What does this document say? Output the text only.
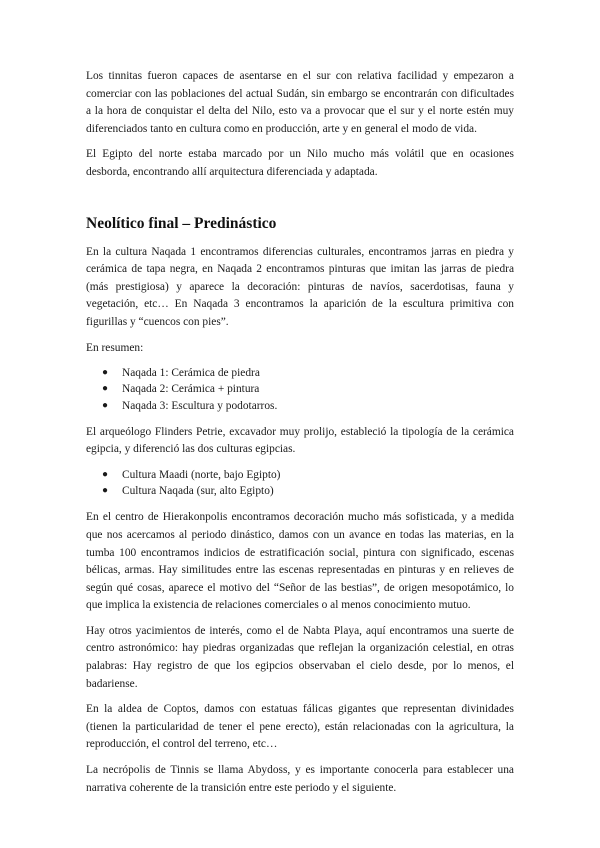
Los tinnitas fueron capaces de asentarse en el sur con relativa facilidad y empezaron a comerciar con las poblaciones del actual Sudán, sin embargo se encontrarán con dificultades a la hora de conquistar el delta del Nilo, esto va a provocar que el sur y el norte estén muy diferenciados tanto en cultura como en producción, arte y en general el modo de vida.

El Egipto del norte estaba marcado por un Nilo mucho más volátil que en ocasiones desborda, encontrando allí arquitectura diferenciada y adaptada.

Neolítico final – Predinástico

En la cultura Naqada 1 encontramos diferencias culturales, encontramos jarras en piedra y cerámica de tapa negra, en Naqada 2 encontramos pinturas que imitan las jarras de piedra (más prestigiosa) y aparece la decoración: pinturas de navíos, sacerdotisas, fauna y vegetación, etc… En Naqada 3 encontramos la aparición de la escultura primitiva con figurillas y “cuencos con pies”.

En resumen:

● Naqada 1: Cerámica de piedra
● Naqada 2: Cerámica + pintura
● Naqada 3: Escultura y podotarros.

El arqueólogo Flinders Petrie, excavador muy prolijo, estableció la tipología de la cerámica egipcia, y diferenció las dos culturas egipcias.

● Cultura Maadi (norte, bajo Egipto)
● Cultura Naqada (sur, alto Egipto)

En el centro de Hierakonpolis encontramos decoración mucho más sofisticada, y a medida que nos acercamos al periodo dinástico, damos con un avance en todas las materias, en la tumba 100 encontramos indicios de estratificación social, pintura con significado, escenas bélicas, armas. Hay similitudes entre las escenas representadas en pinturas y en relieves de según qué cosas, aparece el motivo del “Señor de las bestias”, de origen mesopotámico, lo que implica la existencia de relaciones comerciales o al menos conocimiento mutuo.

Hay otros yacimientos de interés, como el de Nabta Playa, aquí encontramos una suerte de centro astronómico: hay piedras organizadas que reflejan la organización celestial, en otras palabras: Hay registro de que los egipcios observaban el cielo desde, por lo menos, el badariense.

En la aldea de Coptos, damos con estatuas fálicas gigantes que representan divinidades (tienen la particularidad de tener el pene erecto), están relacionadas con la agricultura, la reproducción, el control del terreno, etc…

La necrópolis de Tinnis se llama Abydoss, y es importante conocerla para establecer una narrativa coherente de la transición entre este periodo y el siguiente.
